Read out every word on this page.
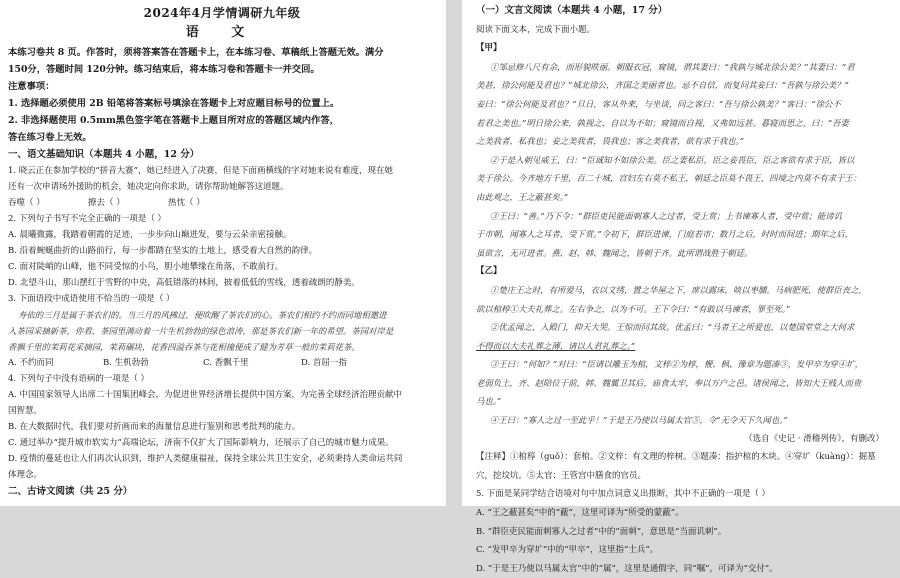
2024年4月学情调研九年级
语 文
本练习卷共 8 页。作答时，须将答案答在答题卡上，在本练习卷、草稿纸上答题无效。满分
150分，答题时间 120分钟。练习结束后，将本练习卷和答题卡一并交回。
注意事项：
1. 选择题必须使用 2B 铅笔将答案标号填涂在答题卡上对应题目标号的位置上。
2. 非选择题使用 0.5mm黑色签字笔在答题卡上题目所对应的答题区域内作答，
答在练习卷上无效。
一、语文基础知识（本题共 4 小题，12 分）
1. 晓云正在参加学校的“拼音大赛”，她已经进入了决赛，但是下面画横线的字对她来说有难度，现在她
还有一次申请场外援助的机会，她决定向你求助，请你帮助她解答这道题。
吞噬（ ）	撩去（ ）	热忱（ ）
2. 下列句子书写不完全正确的一项是（ ）
A. 晨曦微露，我踏着朝霞的足迹，一步步向山巅进发，要与云朵亲密接触。
B. 沿着蜿蜒曲折的山路前行，每一步都踏在坚实的土地上，感受着大自然的韵律。
C. 面对陡峭的山峰，他不同受惊的小鸟，胆小地攀缘在角落，不敢前行。
D. 北望斗山，那山摆红于雪野的中央，高低错落的林间，披着低低的雪线，透着疏朗的静美。
3. 下面语段中成语使用不恰当的一项是（ ）
寿依的三月是属于茶农们的。当三月的风拂过，便吹醒了茶农们的心。茶农们相约不约而同地相邀进
入茶园采摘新茶，你看，茶园里满动着一片生机勃勃的绿色浪涛，那是茶农们新一年的希望。茶园对岸是
香飘千里的茉莉花采摘园，茉莉碾块，花香四溢吞茶与花相撞便成了健为芳草一般的茉莉花茶。
A. 不约而同	B. 生机勃勃	C. 香飘千里	D. 首屈一指
4. 下列句子中没有语病的一项是（ ）
A. 中国国家领导人出席二十国集团峰会，为促进世界经济增长提供中国方案，为完善全球经济治理贡献中
国智慧。
B. 在大数据时代，我们要对折画而来的海量信息进行鉴别和思考批判的能力。
C. 通过举办“提升城市软实力”高端论坛，济南不仅扩大了国际影响力，还展示了自己的城市魅力成果。
D. 疫情的蔓延也让人们再次认识到，维护人类健康福祉，保持全球公共卫生安全，必须秉持人类命运共同
体理念。
二、古诗文阅读（共 25 分）
（一）文言文阅读（本题共 4 小题，17 分）
阅读下面文本，完成下面小题。
【甲】
①邹忌修八尺有余，而形貌昳丽。朝服衣冠，窥镜，谓其妻曰：“我孰与城北徐公美？”其妻曰：“君
美甚，徐公何能及君也？”城北徐公，齐国之美丽者也。忌不自信，而复问其妾曰：“吾孰与徐公美？”
妾曰：“徐公何能及君也？”旦日，客从外来，与坐谈，问之客曰：“吾与徐公孰美？”客曰：“徐公不
若君之美也。”明日徐公来，孰视之，自以为不如；窥镜而自视，又弗如远甚。暮寝而思之，曰：“吾妻
之美我者，私我也；妾之美我者，畏我也；客之美我者，欲有求于我也。”
②于是入朝见威王，曰：“臣诚知不如徐公美。臣之妻私臣，臣之妾畏臣，臣之客欲有求于臣，皆以
美于徐公。今齐地方千里，百二十城，宫妇左右莫不私王，朝廷之臣莫不畏王，四境之内莫不有求于王：
由此观之，王之蔽甚矣。”
③王曰：“善。”乃下令：“群臣吏民能面刺寡人之过者，受上赏；上书谏寡人者，受中赏；能谤讥
于市朝，闻寡人之耳者，受下赏。”令初下，群臣进谏，门庭若市；数月之后，时时而间进；期年之后，
虽欲言，无可进者。燕、赵、韩、魏闻之，皆朝于齐。此所谓战胜于朝廷。
【乙】
①楚庄王之时，有所爱马，衣以文绣，置之华屋之下，席以露床，啖以枣脯。马病肥死，使群臣丧之，
欲以棺椁①大夫礼葬之。左右争之，以为不可。王下令曰：“有敢以马谏者，罪至死。”
②优孟闻之，入殿门，仰天大哭。王惊而问其故。优孟曰：“马者王之所爱也，以楚国堂堂之大何求
不得而以大夫礼葬之薄，请以人君礼葬之。”
③王曰：“何如？”对曰：“臣请以雕玉为棺，文梓②为椁，楩、枫、豫章为题凑③，发甲卒为穿④圹，
老弱负土，齐、赵陪位于前，韩、魏翼卫其后，庙食太牢，奉以万户之邑。诸侯闻之，皆知大王贱人而贵
马也。”
④王曰：“寡人之过一至此乎！”于是王乃使以马属太官⑤，令“无令天下久闻也。”
（选自《史记 · 滑稽列传》，有删改）
【注释】①棺椁（guǒ）：套棺。②文梓：有文理的梓树。③题凑：指护棺的木块。④穿圹（kuàng）：掘墓
穴，挖坟坑。⑤太官：王管宫中膳食的官员。
5. 下面是某同学结合语境对句中加点词意义出推断，其中不正确的一项是（ ）
A. “王之蔽甚矣”中的“蔽”，这里可译为“所受的蒙蔽”。
B. “群臣吏民能面刺寡人之过者”中的“面刺”，意思是“当面讥刺”。
C. “发甲卒为穿圹”中的“甲卒”，这里指“士兵”。
D. “于是王乃使以马属太官”中的“属”，这里是通假字，同“嘱”，可译为“交付”。
